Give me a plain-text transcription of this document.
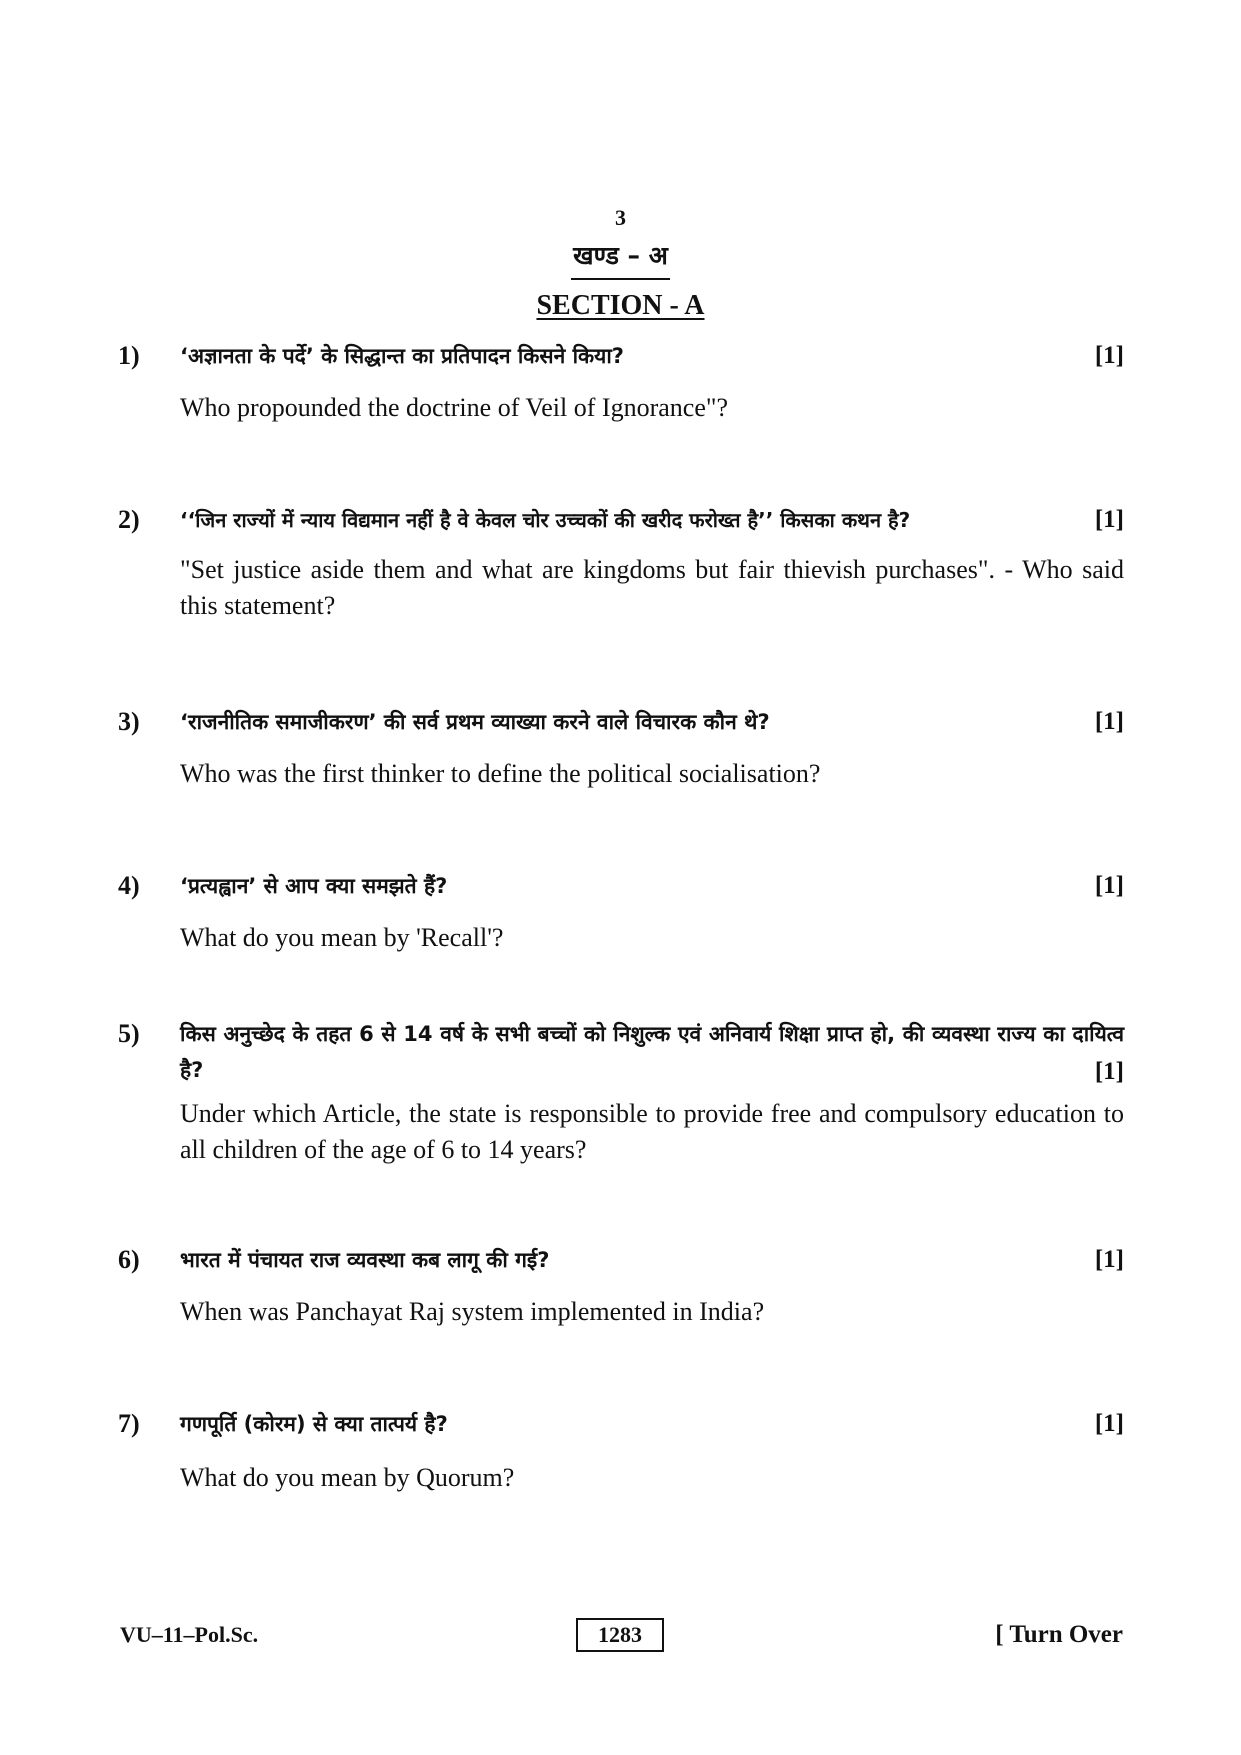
3
खण्ड – अ
SECTION - A
1) ‘अज्ञानता के पर्दे’ के सिद्धान्त का प्रतिपादन किसने किया?	[1]
Who propounded the doctrine of Veil of Ignorance"?
2) ‘‘जिन राज्यों में न्याय विद्यमान नहीं है वे केवल चोर उच्चकों की खरीद फरोख्त है’’ किसका कथन है?	[1]
"Set justice aside them and what are kingdoms but fair thievish purchases". - Who said this statement?
3) ‘राजनीतिक समाजीकरण’ की सर्व प्रथम व्याख्या करने वाले विचारक कौन थे?	[1]
Who was the first thinker to define the political socialisation?
4) ‘प्रत्यह्वान’ से आप क्या समझते हैं?	[1]
What do you mean by 'Recall'?
5) किस अनुच्छेद के तहत 6 से 14 वर्ष के सभी बच्चों को निशुल्क एवं अनिवार्य शिक्षा प्राप्त हो, की व्यवस्था राज्य का दायित्व है?	[1]
Under which Article, the state is responsible to provide free and compulsory education to all children of the age of 6 to 14 years?
6) भारत में पंचायत राज व्यवस्था कब लागू की गई?	[1]
When was Panchayat Raj system implemented in India?
7) गणपूर्ति (कोरम) से क्या तात्पर्य है?	[1]
What do you mean by Quorum?
VU–11–Pol.Sc.	1283	[ Turn Over
